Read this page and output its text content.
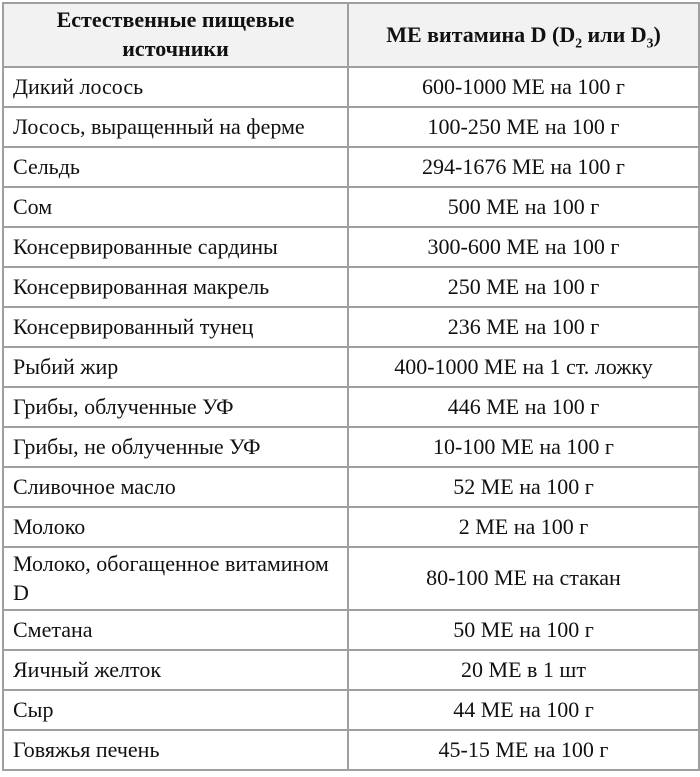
Естественные пищевые источники	МЕ витамина D ($D_2$ или $D_3$)
Дикий лосось	600-1000 МЕ на 100 г
Лосось, выращенный на ферме	100-250 МЕ на 100 г
Сельдь	294-1676 МЕ на 100 г
Сом	500 МЕ на 100 г
Консервированные сардины	300-600 МЕ на 100 г
Консервированная макрель	250 МЕ на 100 г
Консервированный тунец	236 МЕ на 100 г
Рыбий жир	400-1000 МЕ на 1 ст. ложку
Грибы, облученные УФ	446 МЕ на 100 г
Грибы, не облученные УФ	10-100 МЕ на 100 г
Сливочное масло	52 МЕ на 100 г
Молоко	2 МЕ на 100 г
Молоко, обогащенное витамином D	80-100 МЕ на стакан
Сметана	50 МЕ на 100 г
Яичный желток	20 МЕ в 1 шт
Сыр	44 МЕ на 100 г
Говяжья печень	45-15 МЕ на 100 г
